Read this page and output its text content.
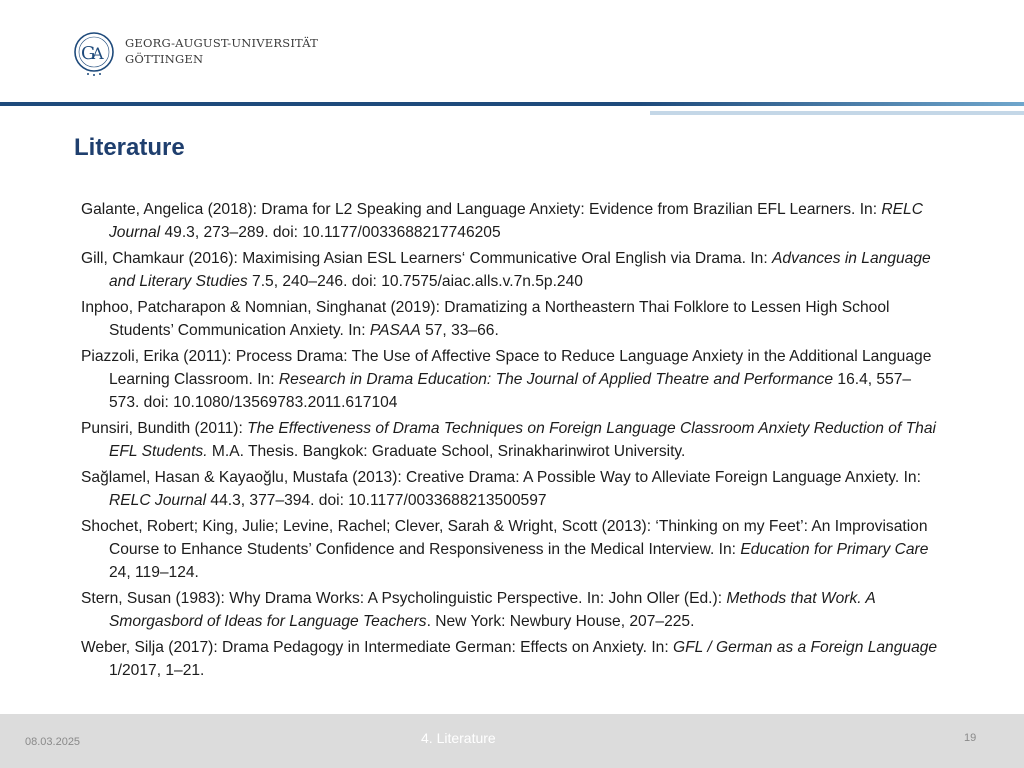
G
A
GEORG-AUGUST-UNIVERSITÄT
GÖTTINGEN
Literature
Galante, Angelica (2018): Drama for L2 Speaking and Language Anxiety: Evidence from Brazilian EFL Learners. In: RELC Journal 49.3, 273–289. doi: 10.1177/0033688217746205
Gill, Chamkaur (2016): Maximising Asian ESL Learners‘ Communicative Oral English via Drama. In: Advances in Language and Literary Studies 7.5, 240–246. doi: 10.7575/aiac.alls.v.7n.5p.240
Inphoo, Patcharapon & Nomnian, Singhanat (2019): Dramatizing a Northeastern Thai Folklore to Lessen High School Students’ Communication Anxiety. In: PASAA 57, 33–66.
Piazzoli, Erika (2011): Process Drama: The Use of Affective Space to Reduce Language Anxiety in the Additional Language Learning Classroom. In: Research in Drama Education: The Journal of Applied Theatre and Performance 16.4, 557–573. doi: 10.1080/13569783.2011.617104
Punsiri, Bundith (2011): The Effectiveness of Drama Techniques on Foreign Language Classroom Anxiety Reduction of Thai EFL Students. M.A. Thesis. Bangkok: Graduate School, Srinakharinwirot University.
Sağlamel, Hasan & Kayaoğlu, Mustafa (2013): Creative Drama: A Possible Way to Alleviate Foreign Language Anxiety. In: RELC Journal 44.3, 377–394. doi: 10.1177/0033688213500597
Shochet, Robert; King, Julie; Levine, Rachel; Clever, Sarah & Wright, Scott (2013): ‘Thinking on my Feet’: An Improvisation Course to Enhance Students’ Confidence and Responsiveness in the Medical Interview. In: Education for Primary Care 24, 119–124.
Stern, Susan (1983): Why Drama Works: A Psycholinguistic Perspective. In: John Oller (Ed.): Methods that Work. A Smorgasbord of Ideas for Language Teachers. New York: Newbury House, 207–225.
Weber, Silja (2017): Drama Pedagogy in Intermediate German: Effects on Anxiety. In: GFL / German as a Foreign Language 1/2017, 1–21.
08.03.2025	4. Literature	19
